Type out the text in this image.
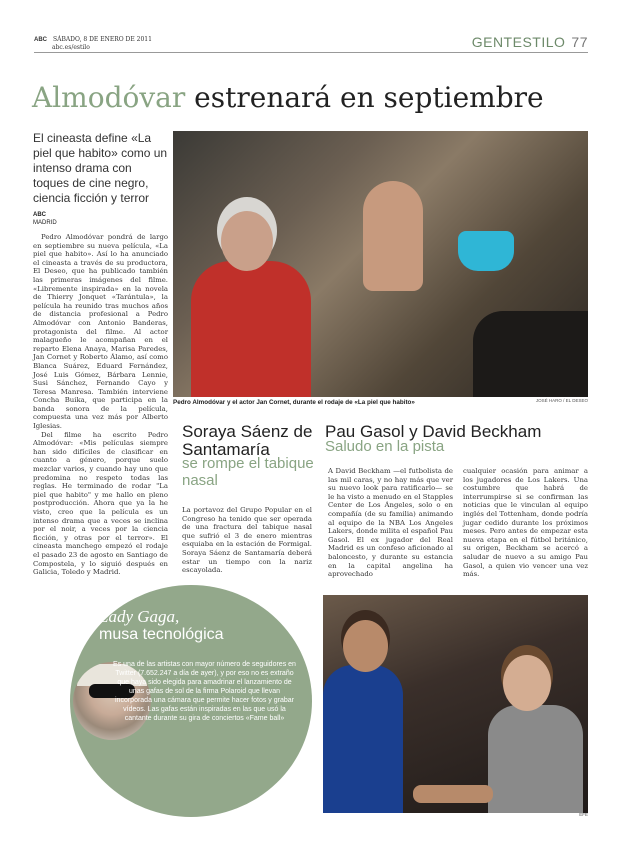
ABC SÁBADO, 8 DE ENERO DE 2011
abc.es/estilo	GENTESTILO 77
Almodóvar estrenará en septiembre
El cineasta define «La piel que habito» como un intenso drama con toques de cine negro, ciencia ficción y terror
ABC
MADRID

Pedro Almodóvar pondrá de largo en septiembre su nueva película, «La piel que habito». Así lo ha anunciado el cineasta a través de su productora, El Deseo, que ha publicado también las primeras imágenes del filme. «Libremente inspirada» en la novela de Thierry Jonquet «Tarántula», la película ha reunido tras muchos años de distancia profesional a Pedro Almodóvar con Antonio Banderas, protagonista del filme. Al actor malagueño le acompañan en el reparto Elena Anaya, Marisa Paredes, Jan Cornet y Roberto Álamo, así como Blanca Suárez, Eduard Fernández, José Luis Gómez, Bárbara Lennie, Susi Sánchez, Fernando Cayo y Teresa Manresa. También interviene Concha Buika, que participa en la banda sonora de la película, compuesta una vez más por Alberto Iglesias.

Del filme ha escrito Pedro Almodóvar: «Mis películas siempre han sido difíciles de clasificar en cuanto a género, porque suelo mezclar varios, y cuando hay uno que predomina no respeto todas las reglas. He terminado de rodar "La piel que habito" y me hallo en pleno postproducción. Ahora que ya la he visto, creo que la película es un intenso drama que a veces se inclina por el noir, a veces por la ciencia ficción, y otras por el terror». El cineasta manchego empezó el rodaje el pasado 23 de agosto en Santiago de Compostela, y lo siguió después en Galicia, Toledo y Madrid.

Pedro Almodóvar y el actor Jan Cornet, durante el rodaje de «La piel que habito»	JOSÉ HARO / EL DESEO
Soraya Sáenz de Santamaría
se rompe el tabique nasal
La portavoz del Grupo Popular en el Congreso ha tenido que ser operada de una fractura del tabique nasal que sufrió el 3 de enero mientras esquiaba en la estación de Formigal. Soraya Sáenz de Santamaría deberá estar un tiempo con la nariz escayolada.
Pau Gasol y David Beckham
Saludo en la pista
A David Beckham —el futbolista de las mil caras, y no hay más que ver su nuevo look para ratificarlo— se le ha visto a menudo en el Stapples Center de Los Ángeles, solo o en compañía (de su familia) animando al equipo de la NBA Los Angeles Lakers, donde milita el español Pau Gasol. El ex jugador del Real Madrid es un confeso aficionado al baloncesto, y durante su estancia en la capital angelina ha aprovechado
cualquier ocasión para animar a los jugadores de Los Lakers. Una costumbre que habrá de interrumpirse si se confirman las noticias que le vinculan al equipo inglés del Tottenham, donde podría jugar cedido durante los próximos meses. Pero antes de empezar esta nueva etapa en el fútbol británico, su origen, Beckham se acercó a saludar de nuevo a su amigo Pau Gasol, a quien vio vencer una vez más.
EFE
Lady Gaga,
musa tecnológica
Es una de las artistas con mayor número de seguidores en Twitter (7.652.247 a día de ayer), y por eso no es extraño que haya sido elegida para amadrinar el lanzamiento de unas gafas de sol de la firma Polaroid que llevan incorporada una cámara que permite hacer fotos y grabar vídeos. Las gafas están inspiradas en las que usó la cantante durante su gira de conciertos «Fame ball»
